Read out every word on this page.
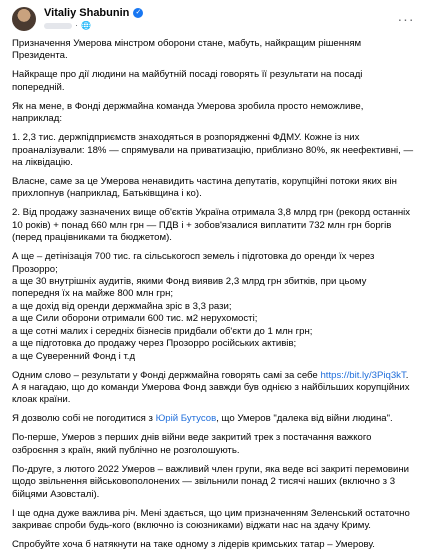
Vitaliy Shabunin ✓
· 🌐	···

Призначення Умерова мінстром оборони стане, мабуть, найкращим рішенням Президента.

Найкраще про дії людини на майбутній посаді говорять її результати на посаді попередній.

Як на мене, в Фонді держмайна команда Умерова зробила просто неможливе, наприклад:

1. 2,3 тис. держпідприємств знаходяться в розпорядженні ФДМУ. Кожне із них проаналізували: 18% — спрямували на приватизацію, приблизно 80%, як неефективні, — на ліквідацію.

Власне, саме за це Умерова ненавидить частина депутатів, корупційні потоки яких він прихлопнув (наприклад, Батьківщина і ко).

2. Від продажу зазначених вище об'єктів Україна отримала 3,8 млрд грн (рекорд останніх 10 років) + понад 660 млн грн — ПДВ і + зобов'язалися виплатити 732 млн грн боргів (перед працівниками та бюджетом).

А ще – детінізація 700 тис. га сільськогосп земель і підготовка до оренди їх через Прозорро;
а ще 30 внутрішніх аудитів, якими Фонд виявив 2,3 млрд грн збитків, при цьому попередня їх на майже 800 млн грн;
а ще дохід від оренди держмайна зріс в 3,3 рази;
а ще Сили оборони отримали 600 тис. м2 нерухомості;
а ще сотні малих і середніх бізнесів придбали об'єкти до 1 млн грн;
а ще підготовка до продажу через Прозорро російських активів;
а ще Суверенний Фонд і т.д

Одним слово – результати у Фонді держмайна говорять самі за себе https://bit.ly/3Piq3kT. А я нагадаю, що до команди Умерова Фонд завжди був однією з найбільших корупційних клоак країни.

Я дозволю собі не погодитися з Юрій Бутусов, що Умеров "далека від війни людина".

По-перше, Умеров з перших днів війни веде закритий трек з постачання важкого озброєння з країн, який публічно не розголошують.

По-друге, з лютого 2022 Умеров – важливий член групи, яка веде всі закриті перемовини щодо звільнення військовополонених — звільнили понад 2 тисячі наших (включно з 3 бійцями Азовсталі).

І ще одна дуже важлива річ. Мені здається, що цим призначенням Зеленський остаточно закриває спроби будь-кого (включно із союзниками) віджати нас на здачу Криму.

Спробуйте хоча б натякнути на таке одному з лідерів кримських татар – Умерову.
